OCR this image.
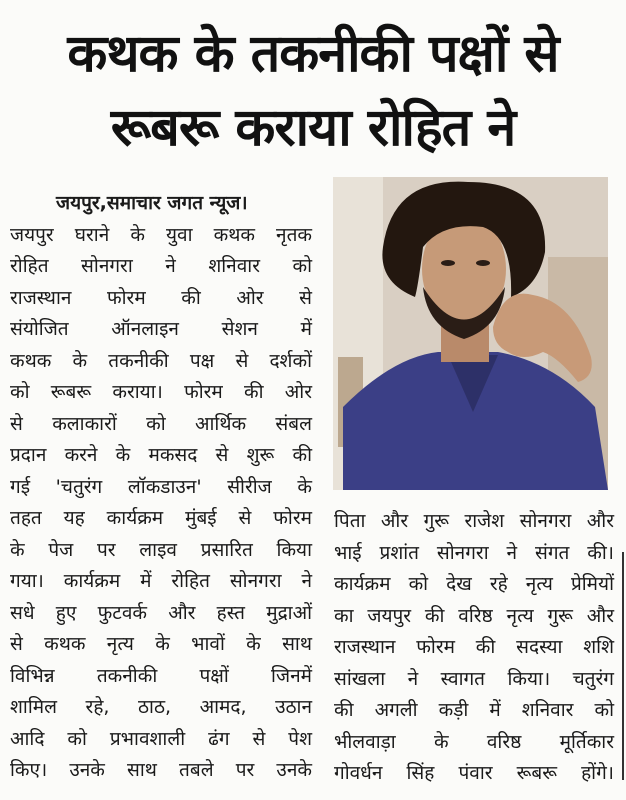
कथक के तकनीकी पक्षों से
रूबरू कराया रोहित ने
जयपुर,समाचार जगत न्यूज।
जयपुर घराने के युवा कथक नृतक
रोहित सोनगरा ने शनिवार को
राजस्थान फोरम की ओर से
संयोजित ऑनलाइन सेशन में
कथक के तकनीकी पक्ष से दर्शकों
को रूबरू कराया। फोरम की ओर
से कलाकारों को आर्थिक संबल
प्रदान करने के मकसद से शुरू की
गई 'चतुरंग लॉकडाउन' सीरीज के
तहत यह कार्यक्रम मुंबई से फोरम
के पेज पर लाइव प्रसारित किया
गया। कार्यक्रम में रोहित सोनगरा ने
सधे हुए फुटवर्क और हस्त मुद्राओं
से कथक नृत्य के भावों के साथ
विभिन्न तकनीकी पक्षों जिनमें
शामिल रहे, ठाठ, आमद, उठान
आदि को प्रभावशाली ढंग से पेश
किए। उनके साथ तबले पर उनके
पिता और गुरू राजेश सोनगरा और
भाई प्रशांत सोनगरा ने संगत की।
कार्यक्रम को देख रहे नृत्य प्रेमियों
का जयपुर की वरिष्ठ नृत्य गुरू और
राजस्थान फोरम की सदस्या शशि
सांखला ने स्वागत किया। चतुरंग
की अगली कड़ी में शनिवार को
भीलवाड़ा के वरिष्ठ मूर्तिकार
गोवर्धन सिंह पंवार रूबरू होंगे।
